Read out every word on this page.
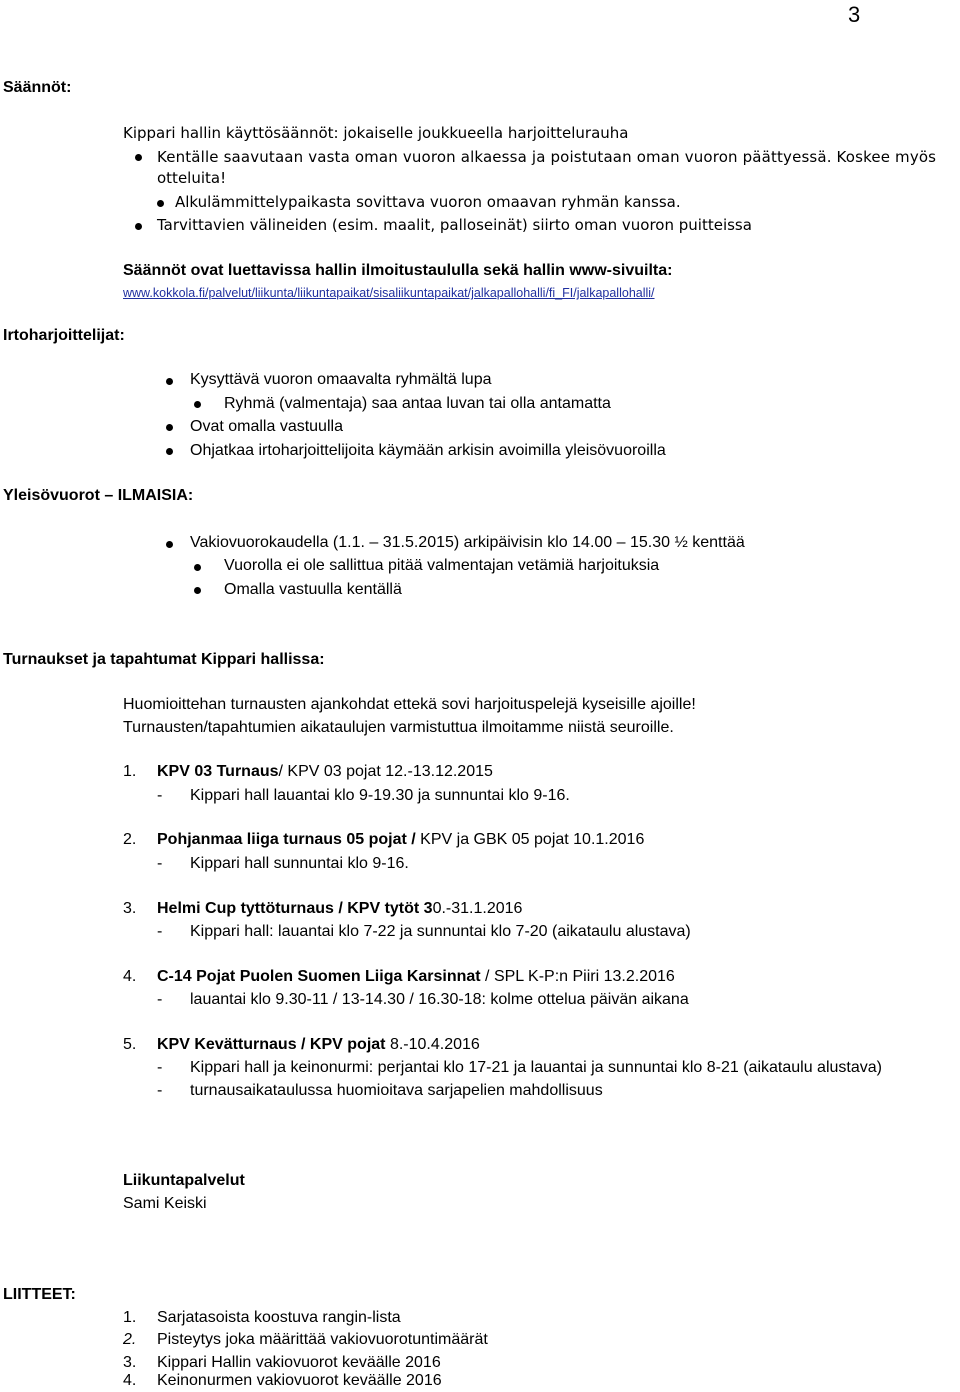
3
Säännöt:
Kippari hallin käyttösäännöt: jokaiselle joukkueella harjoittelurauha
Kentälle saavutaan vasta oman vuoron alkaessa ja poistutaan oman vuoron päättyessä. Koskee myös
otteluita!
Alkulämmittelypaikasta sovittava vuoron omaavan ryhmän kanssa.
Tarvittavien välineiden (esim. maalit, palloseinät) siirto oman vuoron puitteissa
Säännöt ovat luettavissa hallin ilmoitustaululla sekä hallin www-sivuilta:
www.kokkola.fi/palvelut/liikunta/liikuntapaikat/sisaliikuntapaikat/jalkapallohalli/fi_FI/jalkapallohalli/
Irtoharjoittelijat:
Kysyttävä vuoron omaavalta ryhmältä lupa
Ryhmä (valmentaja) saa antaa luvan tai olla antamatta
Ovat omalla vastuulla
Ohjatkaa irtoharjoittelijoita käymään arkisin avoimilla yleisövuoroilla
Yleisövuorot – ILMAISIA:
Vakiovuorokaudella (1.1. – 31.5.2015) arkipäivisin klo 14.00 – 15.30 ½ kenttää
Vuorolla ei ole sallittua pitää valmentajan vetämiä harjoituksia
Omalla vastuulla kentällä
Turnaukset ja tapahtumat Kippari hallissa:
Huomioittehan turnausten ajankohdat ettekä sovi harjoituspelejä kyseisille ajoille!
Turnausten/tapahtumien aikataulujen varmistuttua ilmoitamme niistä seuroille.
1. KPV 03 Turnaus/ KPV 03 pojat 12.-13.12.2015
- Kippari hall lauantai klo 9-19.30 ja sunnuntai klo 9-16.
2. Pohjanmaa liiga turnaus 05 pojat / KPV ja GBK 05 pojat 10.1.2016
- Kippari hall sunnuntai klo 9-16.
3. Helmi Cup tyttöturnaus / KPV tytöt 30.-31.1.2016
- Kippari hall: lauantai klo 7-22 ja sunnuntai klo 7-20 (aikataulu alustava)
4. C-14 Pojat Puolen Suomen Liiga Karsinnat / SPL K-P:n Piiri 13.2.2016
- lauantai klo 9.30-11 / 13-14.30 / 16.30-18: kolme ottelua päivän aikana
5. KPV Kevätturnaus / KPV pojat 8.-10.4.2016
- Kippari hall ja keinonurmi: perjantai klo 17-21 ja lauantai ja sunnuntai klo 8-21 (aikataulu alustava)
- turnausaikataulussa huomioitava sarjapelien mahdollisuus
Liikuntapalvelut
Sami Keiski
LIITTEET:
1. Sarjatasoista koostuva rangin-lista
2. Pisteytys joka määrittää vakiovuorotuntimäärät
3. Kippari Hallin vakiovuorot keväälle 2016
4. Keinonurmen vakiovuorot keväälle 2016
